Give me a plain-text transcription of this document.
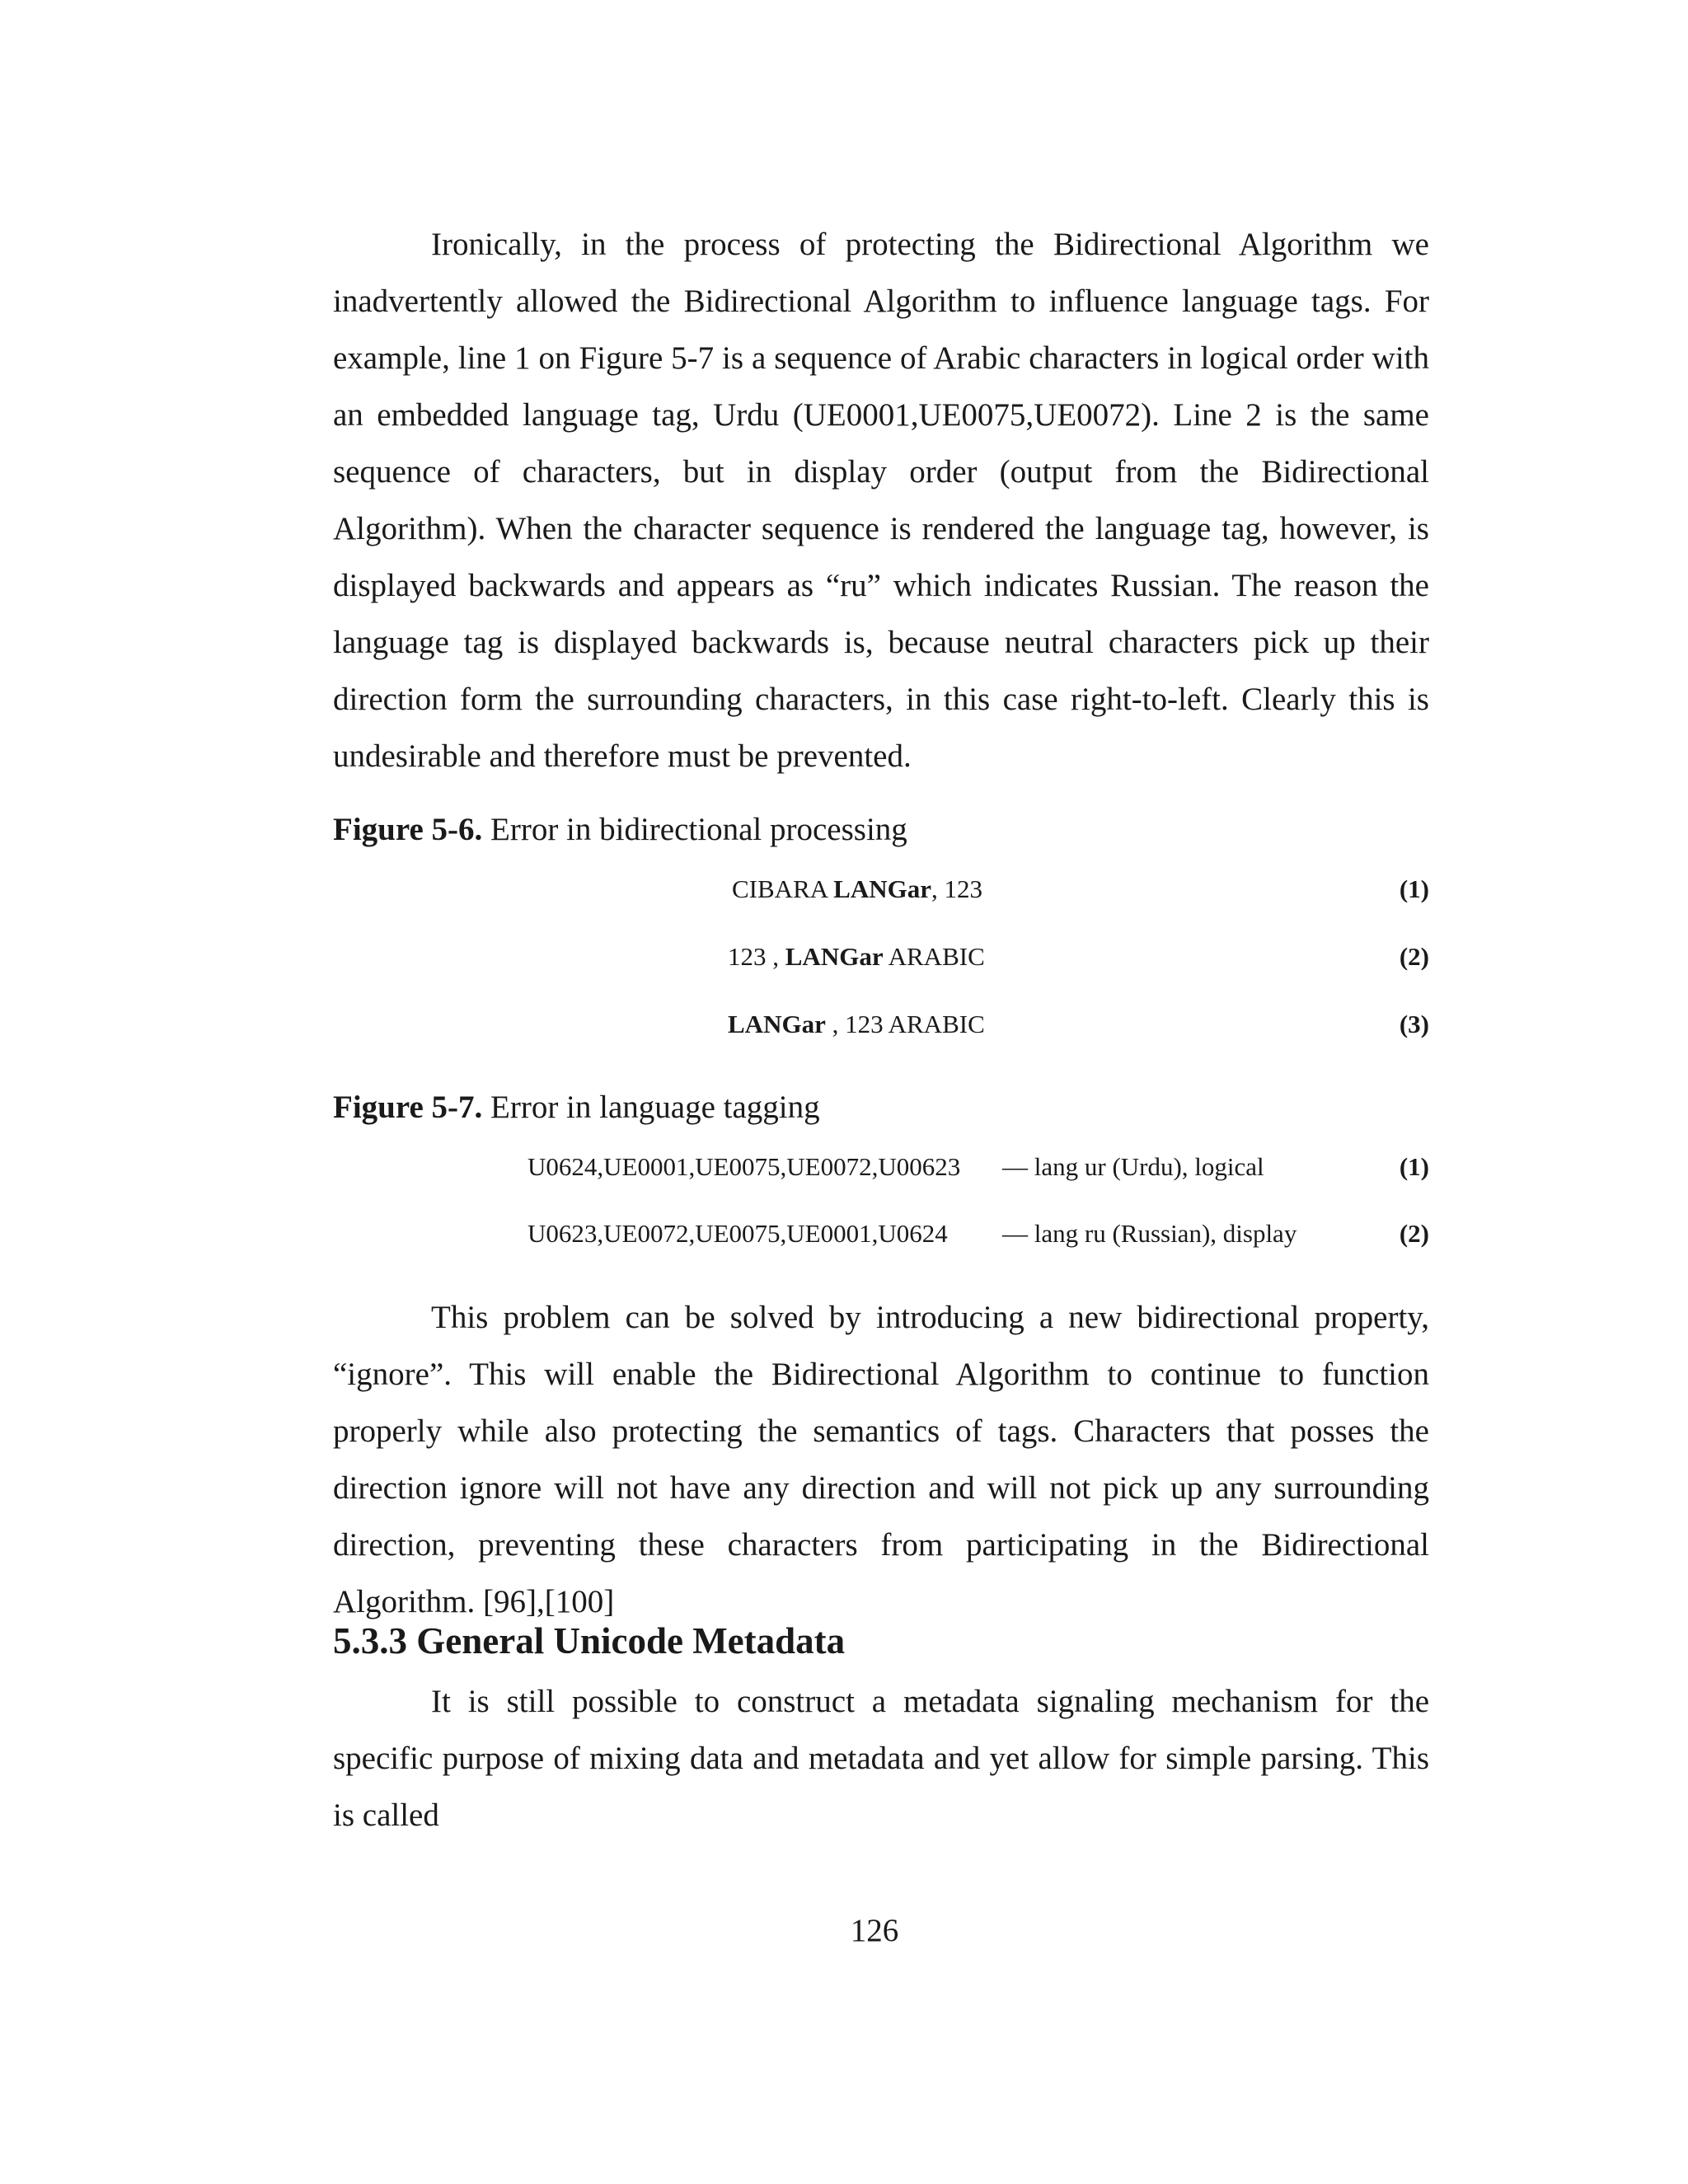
Ironically, in the process of protecting the Bidirectional Algorithm we inadvertently allowed the Bidirectional Algorithm to influence language tags. For example, line 1 on Figure 5-7 is a sequence of Arabic characters in logical order with an embedded language tag, Urdu (UE0001,UE0075,UE0072). Line 2 is the same sequence of characters, but in display order (output from the Bidirectional Algorithm). When the character sequence is rendered the language tag, however, is displayed backwards and appears as “ru” which indicates Russian. The reason the language tag is displayed backwards is, because neutral characters pick up their direction form the surrounding characters, in this case right-to-left. Clearly this is undesirable and therefore must be prevented.

Figure 5-6. Error in bidirectional processing
CIBARA LANGar, 123	(1)
123 , LANGar ARABIC	(2)
LANGar , 123 ARABIC	(3)
Figure 5-7. Error in language tagging
U0624,UE0001,UE0075,UE0072,U00623 — lang ur (Urdu), logical	(1)
U0623,UE0072,UE0075,UE0001,U0624 — lang ru (Russian), display	(2)

This problem can be solved by introducing a new bidirectional property, “ignore”. This will enable the Bidirectional Algorithm to continue to function properly while also protecting the semantics of tags. Characters that posses the direction ignore will not have any direction and will not pick up any surrounding direction, preventing these characters from participating in the Bidirectional Algorithm. [96],[100]

5.3.3 General Unicode Metadata

It is still possible to construct a metadata signaling mechanism for the specific purpose of mixing data and metadata and yet allow for simple parsing. This is called

126
